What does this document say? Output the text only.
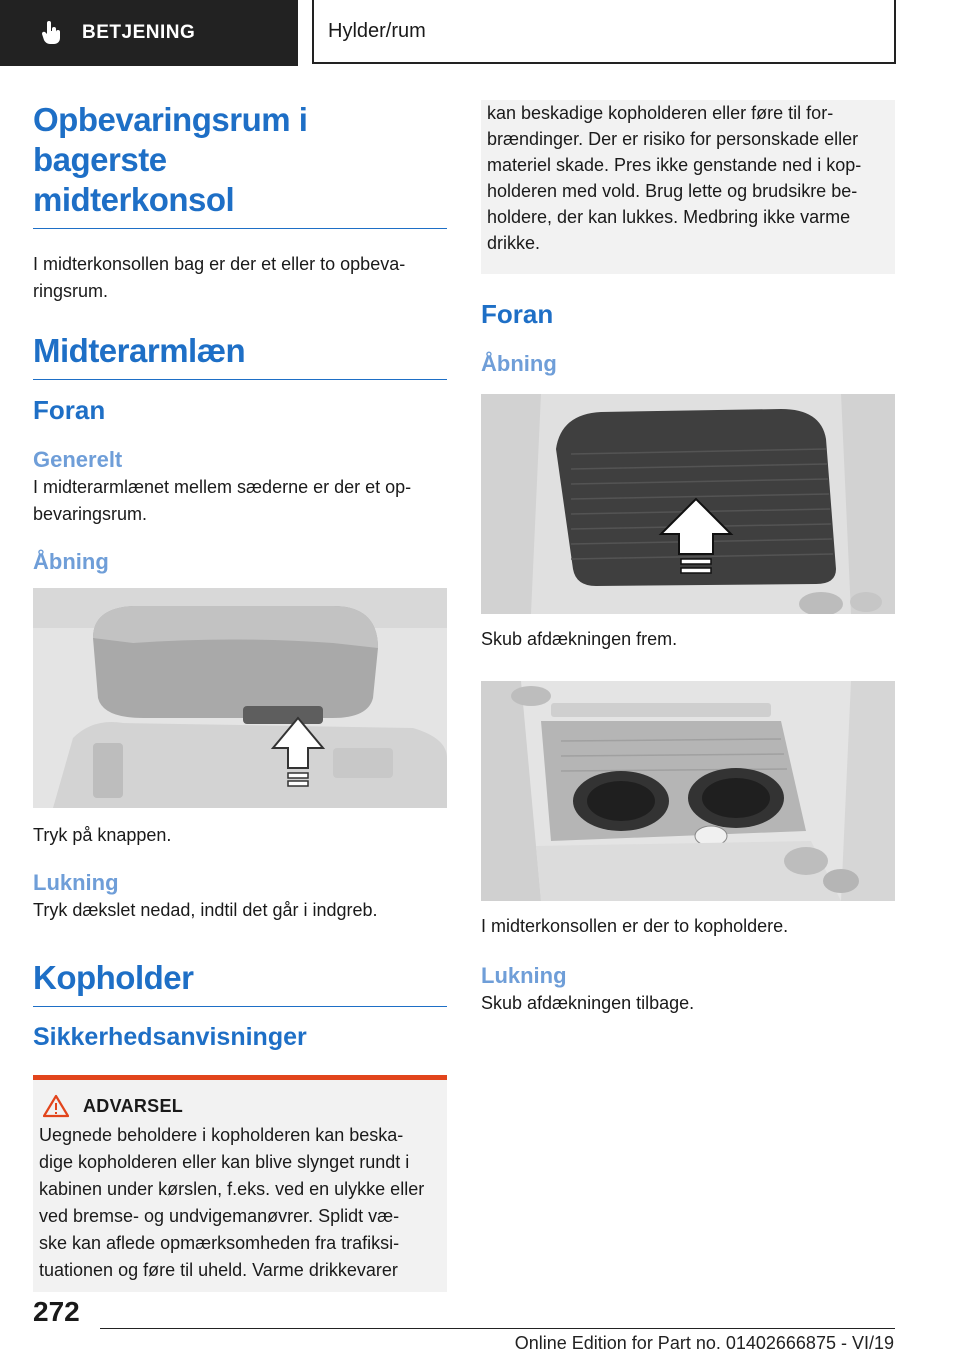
BETJENING	Hylder/rum
Opbevaringsrum i bagerste
midterkonsol
I midterkonsollen bag er der et eller to opbeva-
ringsrum.
Midterarmlæn
Foran
Generelt
I midterarmlænet mellem sæderne er der et op-
bevaringsrum.
Åbning
Tryk på knappen.
Lukning
Tryk dækslet nedad, indtil det går i indgreb.
Kopholder
Sikkerhedsanvisninger
ADVARSEL
Uegnede beholdere i kopholderen kan beska-
dige kopholderen eller kan blive slynget rundt i
kabinen under kørslen, f.eks. ved en ulykke eller
ved bremse- og undvigemanøvrer. Splidt væ-
ske kan aflede opmærksomheden fra trafiksi-
tuationen og føre til uheld. Varme drikkevarer
kan beskadige kopholderen eller føre til for-
brændinger. Der er risiko for personskade eller
materiel skade. Pres ikke genstande ned i kop-
holderen med vold. Brug lette og brudsikre be-
holdere, der kan lukkes. Medbring ikke varme
drikke.
Foran
Åbning
Skub afdækningen frem.
I midterkonsollen er der to kopholdere.
Lukning
Skub afdækningen tilbage.
272
Online Edition for Part no. 01402666875 - VI/19
